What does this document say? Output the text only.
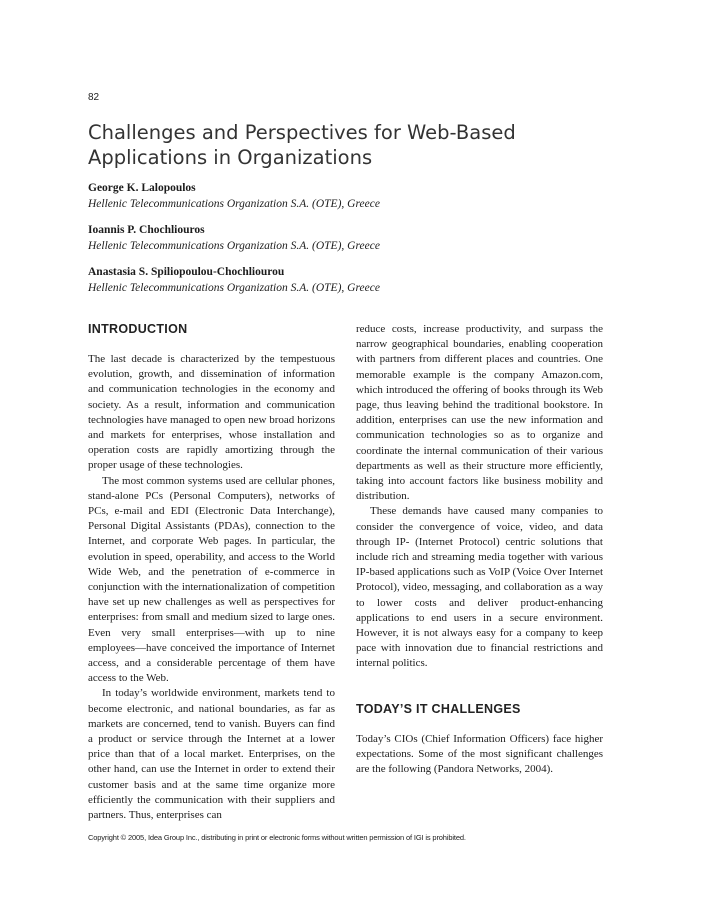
82
Challenges and Perspectives for Web-Based
Applications in Organizations
George K. Lalopoulos
Hellenic Telecommunications Organization S.A. (OTE), Greece
Ioannis P. Chochliouros
Hellenic Telecommunications Organization S.A. (OTE), Greece
Anastasia S. Spiliopoulou-Chochliourou
Hellenic Telecommunications Organization S.A. (OTE), Greece
INTRODUCTION

The last decade is characterized by the tempestuous evolution, growth, and dissemination of information and communication technologies in the economy and society. As a result, information and communication technologies have managed to open new broad horizons and markets for enterprises, whose installation and operation costs are rapidly amortizing through the proper usage of these technologies.

The most common systems used are cellular phones, stand-alone PCs (Personal Computers), networks of PCs, e-mail and EDI (Electronic Data Interchange), Personal Digital Assistants (PDAs), connection to the Internet, and corporate Web pages. In particular, the evolution in speed, operability, and access to the World Wide Web, and the penetration of e-commerce in conjunction with the internationalization of competition have set up new challenges as well as perspectives for enterprises: from small and medium sized to large ones. Even very small enterprises—with up to nine employees—have conceived the importance of Internet access, and a considerable percentage of them have access to the Web.

In today’s worldwide environment, markets tend to become electronic, and national boundaries, as far as markets are concerned, tend to vanish. Buyers can find a product or service through the Internet at a lower price than that of a local market. Enterprises, on the other hand, can use the Internet in order to extend their customer basis and at the same time organize more efficiently the communication with their suppliers and partners. Thus, enterprises can

reduce costs, increase productivity, and surpass the narrow geographical boundaries, enabling cooperation with partners from different places and countries. One memorable example is the company Amazon.com, which introduced the offering of books through its Web page, thus leaving behind the traditional bookstore. In addition, enterprises can use the new information and communication technologies so as to organize and coordinate the internal communication of their various departments as well as their structure more efficiently, taking into account factors like business mobility and distribution.

These demands have caused many companies to consider the convergence of voice, video, and data through IP- (Internet Protocol) centric solutions that include rich and streaming media together with various IP-based applications such as VoIP (Voice Over Internet Protocol), video, messaging, and collaboration as a way to lower costs and deliver product-enhancing applications to end users in a secure environment. However, it is not always easy for a company to keep pace with innovation due to financial restrictions and internal politics.

TODAY’S IT CHALLENGES

Today’s CIOs (Chief Information Officers) face higher expectations. Some of the most significant challenges are the following (Pandora Networks, 2004).

Copyright © 2005, Idea Group Inc., distributing in print or electronic forms without written permission of IGI is prohibited.
